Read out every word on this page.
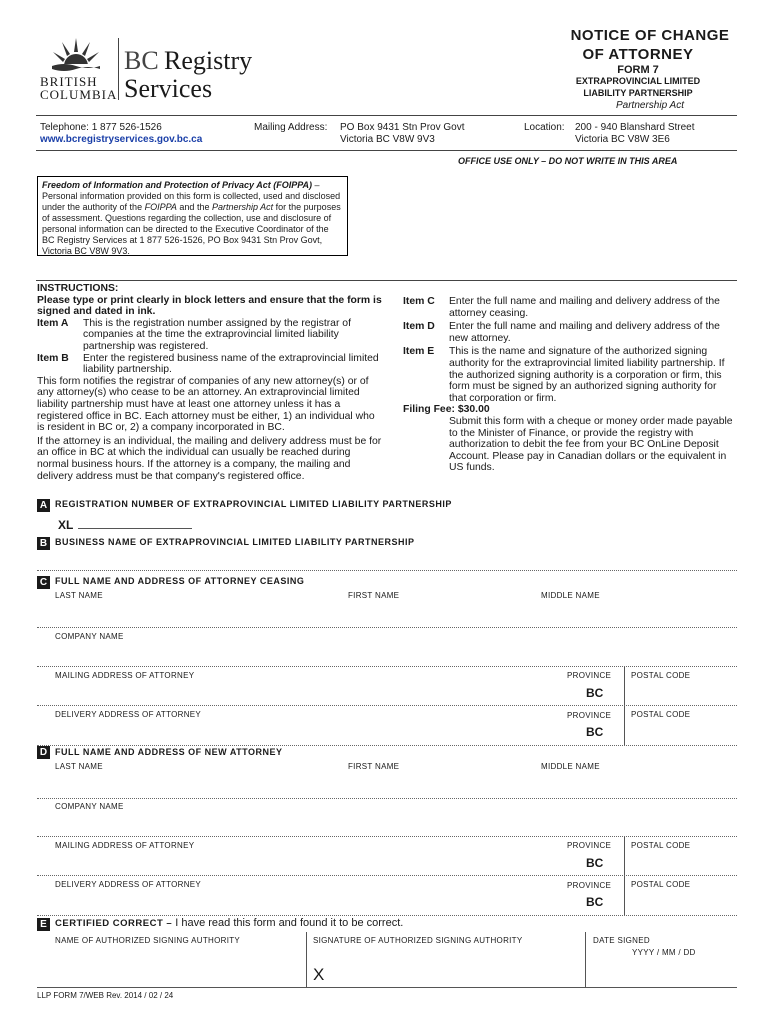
BRITISH
COLUMBIA
BC Registry
Services
NOTICE OF CHANGE
OF ATTORNEY
FORM 7
EXTRAPROVINCIAL LIMITED
LIABILITY PARTNERSHIP
Partnership Act
Telephone: 1 877 526-1526
www.bcregistryservices.gov.bc.ca
Mailing Address: PO Box 9431 Stn Prov Govt
Victoria BC V8W 9V3
Location: 200 - 940 Blanshard Street
Victoria BC V8W 3E6
Freedom of Information and Protection of Privacy Act (FOIPPA) –
Personal information provided on this form is collected, used and disclosed
under the authority of the FOIPPA and the Partnership Act for the purposes
of assessment. Questions regarding the collection, use and disclosure of
personal information can be directed to the Executive Coordinator of the
BC Registry Services at 1 877 526-1526, PO Box 9431 Stn Prov Govt,
Victoria BC V8W 9V3.
OFFICE USE ONLY – DO NOT WRITE IN THIS AREA
INSTRUCTIONS:

Please type or print clearly in block letters and ensure that the form is signed and dated in ink.

Item A	This is the registration number assigned by the registrar of companies at the time the extraprovincial limited liability partnership was registered.
Item B	Enter the registered business name of the extraprovincial limited liability partnership.

This form notifies the registrar of companies of any new attorney(s) or of any attorney(s) who cease to be an attorney. An extraprovincial limited liability partnership must have at least one attorney unless it has a registered office in BC. Each attorney must be either, 1) an individual who is resident in BC or, 2) a company incorporated in BC.

If the attorney is an individual, the mailing and delivery address must be for an office in BC at which the individual can usually be reached during normal business hours. If the attorney is a company, the mailing and delivery address must be that company's registered office.

Item C	Enter the full name and mailing and delivery address of the attorney ceasing.
Item D	Enter the full name and mailing and delivery address of the new attorney.
Item E	This is the name and signature of the authorized signing authority for the extraprovincial limited liability partnership. If the authorized signing authority is a corporation or firm, this form must be signed by an authorized signing authority for that corporation or firm.
Filing Fee: $30.00
Submit this form with a cheque or money order made payable to the Minister of Finance, or provide the registry with authorization to debit the fee from your BC OnLine Deposit Account. Please pay in Canadian dollars or the equivalent in US funds.
A REGISTRATION NUMBER OF EXTRAPROVINCIAL LIMITED LIABILITY PARTNERSHIP
XL
B BUSINESS NAME OF EXTRAPROVINCIAL LIMITED LIABILITY PARTNERSHIP
C FULL NAME AND ADDRESS OF ATTORNEY CEASING
LAST NAME	FIRST NAME	MIDDLE NAME
COMPANY NAME
MAILING ADDRESS OF ATTORNEY	PROVINCE POSTAL CODE
BC
DELIVERY ADDRESS OF ATTORNEY	PROVINCE POSTAL CODE
BC
D FULL NAME AND ADDRESS OF NEW ATTORNEY
LAST NAME	FIRST NAME	MIDDLE NAME
COMPANY NAME
MAILING ADDRESS OF ATTORNEY	PROVINCE POSTAL CODE
BC
DELIVERY ADDRESS OF ATTORNEY	PROVINCE POSTAL CODE
BC
E CERTIFIED CORRECT – I have read this form and found it to be correct.
NAME OF AUTHORIZED SIGNING AUTHORITY	SIGNATURE OF AUTHORIZED SIGNING AUTHORITY	DATE SIGNED
YYYY / MM / DD
X
LLP FORM 7/WEB Rev. 2014 / 02 / 24
